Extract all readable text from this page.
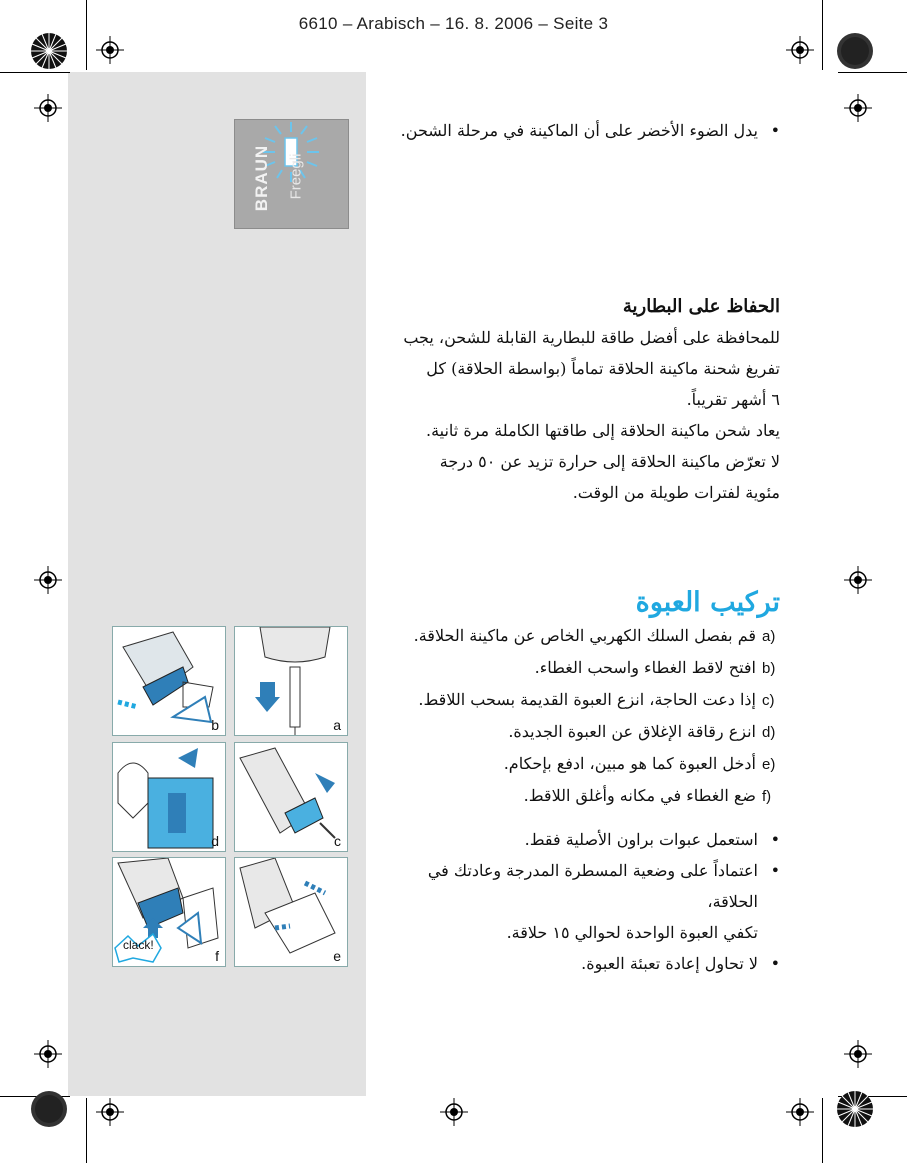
6610 – Arabisch – 16. 8. 2006 – Seite 3
BRAUN Freegli
• يدل الضوء الأخضر على أن الماكينة في مرحلة الشحن.
الحفاظ على البطارية
للمحافظة على أفضل طاقة للبطارية القابلة للشحن، يجب
تفريغ شحنة ماكينة الحلاقة تماماً (بواسطة الحلاقة) كل
٦ أشهر تقريباً.
يعاد شحن ماكينة الحلاقة إلى طاقتها الكاملة مرة ثانية.
لا تعرّض ماكينة الحلاقة إلى حرارة تزيد عن ٥٠ درجة
مئوية لفترات طويلة من الوقت.
تركيب العبوة
قم بفصل السلك الكهربي الخاص عن ماكينة الحلاقة. a)
افتح لاقط الغطاء واسحب الغطاء. b)
إذا دعت الحاجة، انزع العبوة القديمة بسحب اللاقط. c)
انزع رقاقة الإغلاق عن العبوة الجديدة. d)
أدخل العبوة كما هو مبين، ادفع بإحكام. e)
ضع الغطاء في مكانه وأغلق اللاقط. f)
• استعمل عبوات براون الأصلية فقط.
• اعتماداً على وضعية المسطرة المدرجة وعادتك في الحلاقة،
تكفي العبوة الواحدة لحوالي ١٥ حلاقة.
• لا تحاول إعادة تعبئة العبوة.
b	a
d	c
clack!
f	e
